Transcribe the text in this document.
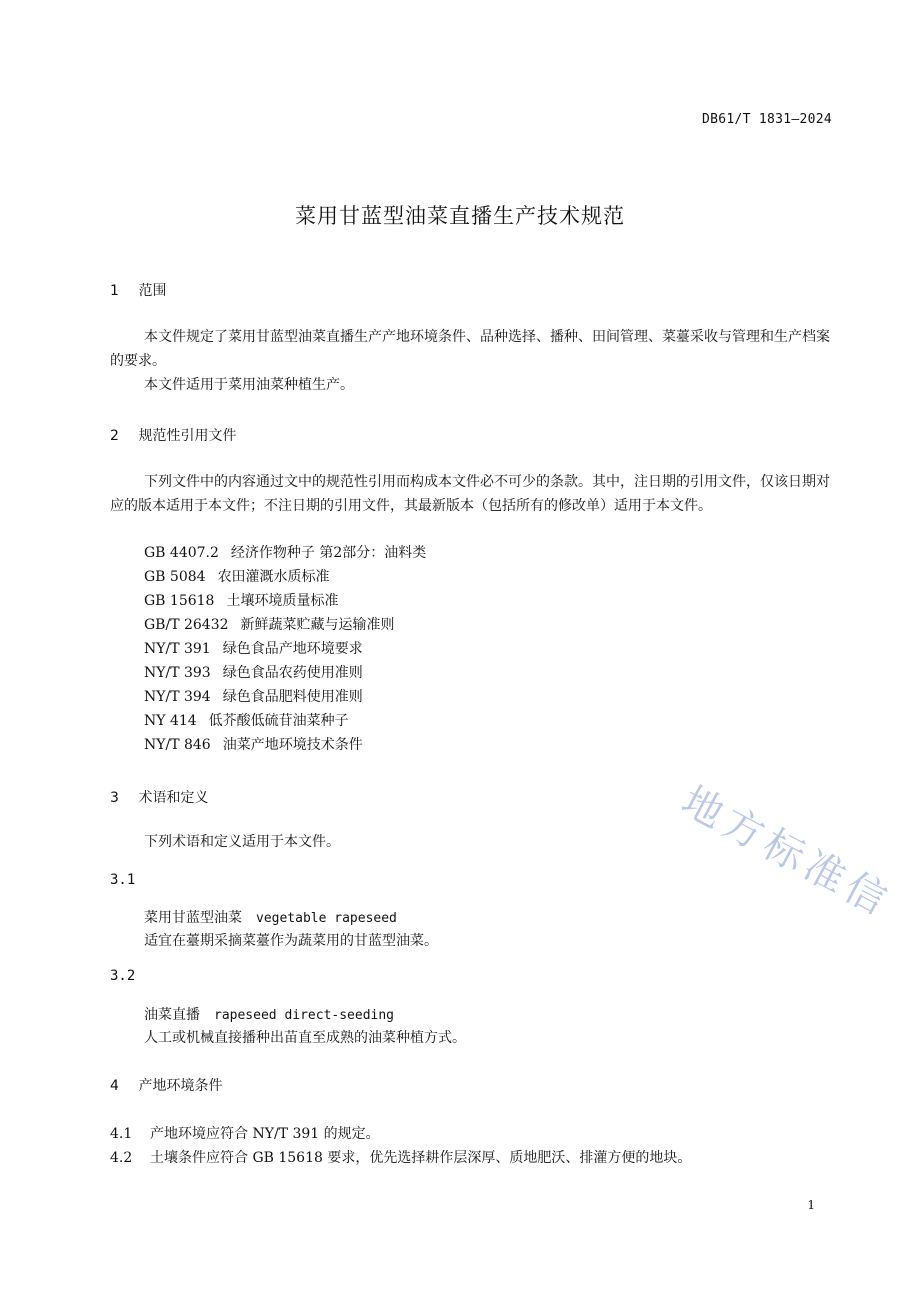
DB61/T 1831—2024
菜用甘蓝型油菜直播生产技术规范
1 范围
本文件规定了菜用甘蓝型油菜直播生产产地环境条件、品种选择、播种、田间管理、菜薹采收与管理和生产档案的要求。
本文件适用于菜用油菜种植生产。
2 规范性引用文件
下列文件中的内容通过文中的规范性引用而构成本文件必不可少的条款。其中，注日期的引用文件，仅该日期对应的版本适用于本文件；不注日期的引用文件，其最新版本（包括所有的修改单）适用于本文件。
GB 4407.2 经济作物种子 第2部分：油料类
GB 5084 农田灌溉水质标准
GB 15618 土壤环境质量标准
GB/T 26432 新鲜蔬菜贮藏与运输准则
NY/T 391 绿色食品产地环境要求
NY/T 393 绿色食品农药使用准则
NY/T 394 绿色食品肥料使用准则
NY 414 低芥酸低硫苷油菜种子
NY/T 846 油菜产地环境技术条件
3 术语和定义
下列术语和定义适用于本文件。
3.1
菜用甘蓝型油菜 vegetable rapeseed
适宜在薹期采摘菜薹作为蔬菜用的甘蓝型油菜。
3.2
油菜直播 rapeseed direct-seeding
人工或机械直接播种出苗直至成熟的油菜种植方式。
4 产地环境条件
4.1 产地环境应符合 NY/T 391 的规定。
4.2 土壤条件应符合 GB 15618 要求，优先选择耕作层深厚、质地肥沃、排灌方便的地块。
1
地方标准信
